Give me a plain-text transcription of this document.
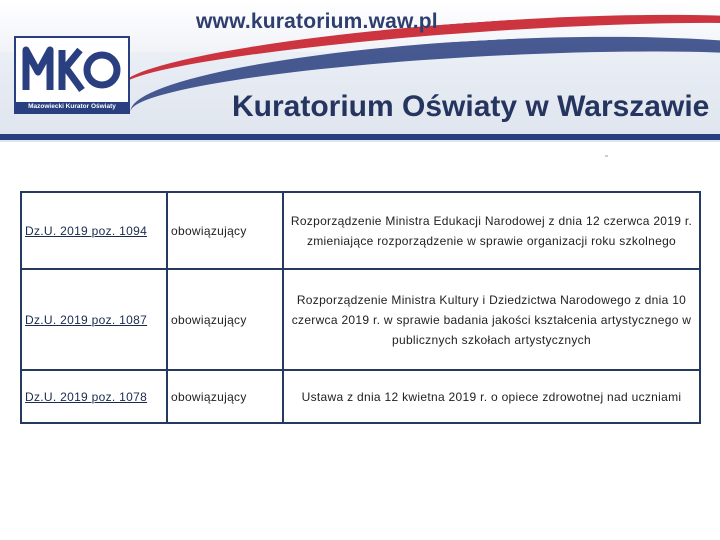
www.kuratorium.waw.pl
Kuratorium Oświaty w Warszawie
Mazowiecki Kurator Oświaty
Dz.U. 2019 poz. 1094	obowiązujący	Rozporządzenie Ministra Edukacji Narodowej z dnia 12 czerwca 2019 r. zmieniające rozporządzenie w sprawie organizacji roku szkolnego
Dz.U. 2019 poz. 1087	obowiązujący	Rozporządzenie Ministra Kultury i Dziedzictwa Narodowego z dnia 10 czerwca 2019 r. w sprawie badania jakości kształcenia artystycznego w publicznych szkołach artystycznych
Dz.U. 2019 poz. 1078	obowiązujący	Ustawa z dnia 12 kwietna 2019 r. o opiece zdrowotnej nad uczniami
